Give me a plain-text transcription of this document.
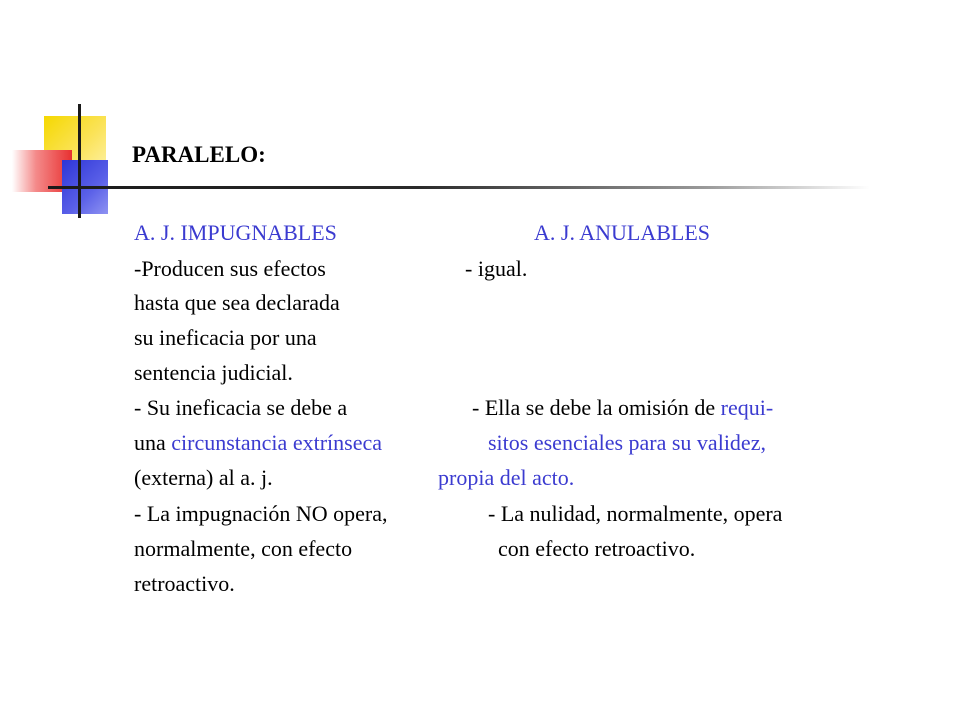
PARALELO:

A. J. IMPUGNABLES	A. J. ANULABLES

-Producen sus efectos

hasta que sea declarada

su ineficacia por una

sentencia judicial.

- Su ineficacia se debe a

una circunstancia extrínseca

(externa) al a. j.

- La impugnación NO opera,

normalmente, con efecto

retroactivo.

- igual.

- Ella se debe la omisión de requi-

sitos esenciales para su validez,

propia del acto.

- La nulidad, normalmente, opera

con efecto retroactivo.
